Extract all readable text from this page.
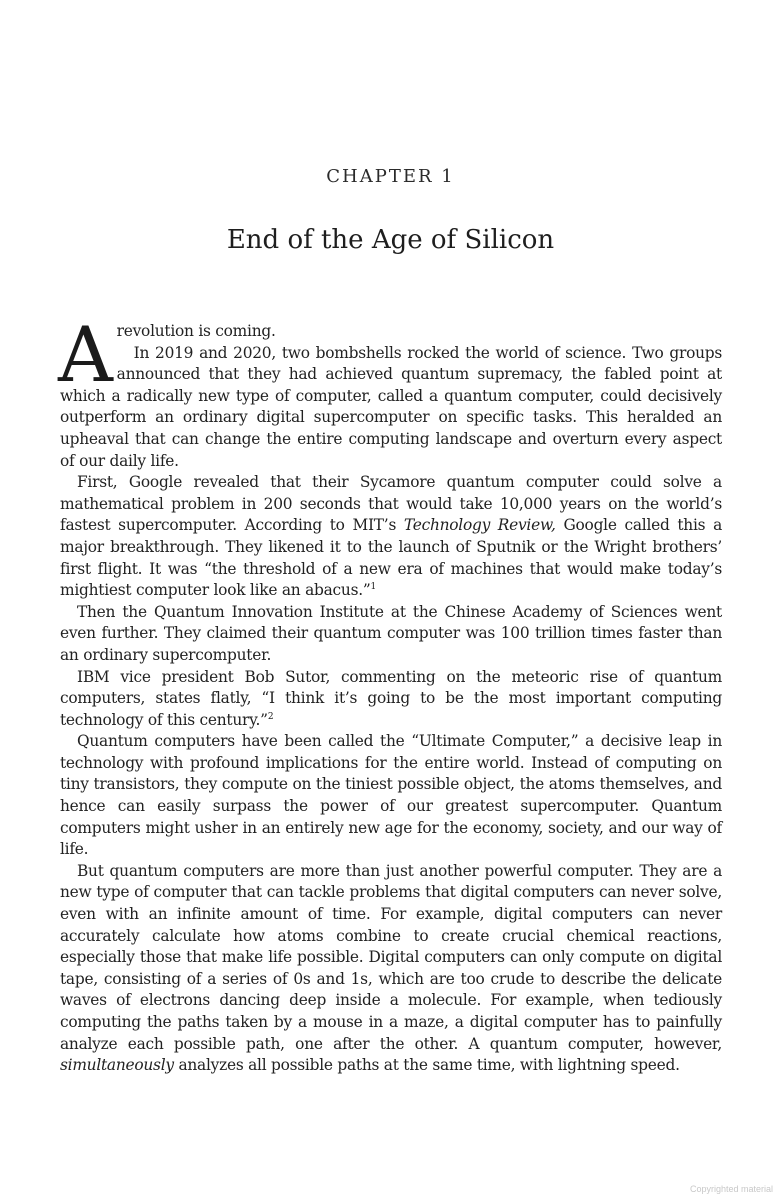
CHAPTER 1
End of the Age of Silicon

A revolution is coming.

In 2019 and 2020, two bombshells rocked the world of science. Two groups announced that they had achieved quantum supremacy, the fabled point at which a radically new type of computer, called a quantum computer, could decisively outperform an ordinary digital supercomputer on specific tasks. This heralded an upheaval that can change the entire computing landscape and overturn every aspect of our daily life.

First, Google revealed that their Sycamore quantum computer could solve a mathematical problem in 200 seconds that would take 10,000 years on the world’s fastest supercomputer. According to MIT’s Technology Review, Google called this a major breakthrough. They likened it to the launch of Sputnik or the Wright brothers’ first flight. It was “the threshold of a new era of machines that would make today’s mightiest computer look like an abacus.”$^1$

Then the Quantum Innovation Institute at the Chinese Academy of Sciences went even further. They claimed their quantum computer was 100 trillion times faster than an ordinary supercomputer.

IBM vice president Bob Sutor, commenting on the meteoric rise of quantum computers, states flatly, “I think it’s going to be the most important computing technology of this century.”$^2$

Quantum computers have been called the “Ultimate Computer,” a decisive leap in technology with profound implications for the entire world. Instead of computing on tiny transistors, they compute on the tiniest possible object, the atoms themselves, and hence can easily surpass the power of our greatest supercomputer. Quantum computers might usher in an entirely new age for the economy, society, and our way of life.

But quantum computers are more than just another powerful computer. They are a new type of computer that can tackle problems that digital computers can never solve, even with an infinite amount of time. For example, digital computers can never accurately calculate how atoms combine to create crucial chemical reactions, especially those that make life possible. Digital computers can only compute on digital tape, consisting of a series of 0s and 1s, which are too crude to describe the delicate waves of electrons dancing deep inside a molecule. For example, when tediously computing the paths taken by a mouse in a maze, a digital computer has to painfully analyze each possible path, one after the other. A quantum computer, however, simultaneously analyzes all possible paths at the same time, with lightning speed.

Copyrighted material
